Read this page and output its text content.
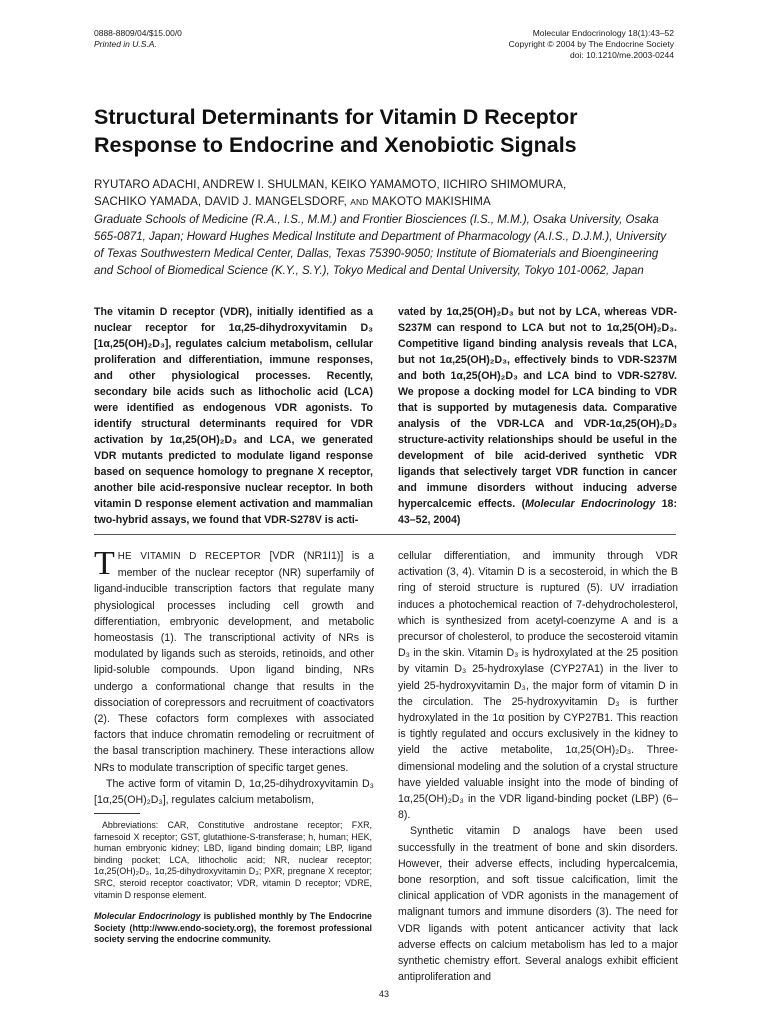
0888-8809/04/$15.00/0
Printed in U.S.A.
Molecular Endocrinology 18(1):43–52
Copyright © 2004 by The Endocrine Society
doi: 10.1210/me.2003-0244
Structural Determinants for Vitamin D Receptor Response to Endocrine and Xenobiotic Signals
RYUTARO ADACHI, ANDREW I. SHULMAN, KEIKO YAMAMOTO, IICHIRO SHIMOMURA,
SACHIKO YAMADA, DAVID J. MANGELSDORF, AND MAKOTO MAKISHIMA
Graduate Schools of Medicine (R.A., I.S., M.M.) and Frontier Biosciences (I.S., M.M.), Osaka University, Osaka 565-0871, Japan; Howard Hughes Medical Institute and Department of Pharmacology (A.I.S., D.J.M.), University of Texas Southwestern Medical Center, Dallas, Texas 75390-9050; Institute of Biomaterials and Bioengineering and School of Biomedical Science (K.Y., S.Y.), Tokyo Medical and Dental University, Tokyo 101-0062, Japan
The vitamin D receptor (VDR), initially identified as a nuclear receptor for 1α,25-dihydroxyvitamin D₃ [1α,25(OH)₂D₃], regulates calcium metabolism, cellular proliferation and differentiation, immune responses, and other physiological processes. Recently, secondary bile acids such as lithocholic acid (LCA) were identified as endogenous VDR agonists. To identify structural determinants required for VDR activation by 1α,25(OH)₂D₃ and LCA, we generated VDR mutants predicted to modulate ligand response based on sequence homology to pregnane X receptor, another bile acid-responsive nuclear receptor. In both vitamin D response element activation and mammalian two-hybrid assays, we found that VDR-S278V is acti-
vated by 1α,25(OH)₂D₃ but not by LCA, whereas VDR-S237M can respond to LCA but not to 1α,25(OH)₂D₃. Competitive ligand binding analysis reveals that LCA, but not 1α,25(OH)₂D₃, effectively binds to VDR-S237M and both 1α,25(OH)₂D₃ and LCA bind to VDR-S278V. We propose a docking model for LCA binding to VDR that is supported by mutagenesis data. Comparative analysis of the VDR-LCA and VDR-1α,25(OH)₂D₃ structure-activity relationships should be useful in the development of bile acid-derived synthetic VDR ligands that selectively target VDR function in cancer and immune disorders without inducing adverse hypercalcemic effects. (Molecular Endocrinology 18: 43–52, 2004)

THE VITAMIN D RECEPTOR [VDR (NR1I1)] is a member of the nuclear receptor (NR) superfamily of ligand-inducible transcription factors that regulate many physiological processes including cell growth and differentiation, embryonic development, and metabolic homeostasis (1). The transcriptional activity of NRs is modulated by ligands such as steroids, retinoids, and other lipid-soluble compounds. Upon ligand binding, NRs undergo a conformational change that results in the dissociation of corepressors and recruitment of coactivators (2). These cofactors form complexes with associated factors that induce chromatin remodeling or recruitment of the basal transcription machinery. These interactions allow NRs to modulate transcription of specific target genes.

The active form of vitamin D, 1α,25-dihydroxyvitamin D₃ [1α,25(OH)₂D₃], regulates calcium metabolism,

Abbreviations: CAR, Constitutive androstane receptor; FXR, farnesoid X receptor; GST, glutathione-S-transferase; h, human; HEK, human embryonic kidney; LBD, ligand binding domain; LBP, ligand binding pocket; LCA, lithocholic acid; NR, nuclear receptor; 1α,25(OH)₂D₃, 1α,25-dihydroxyvitamin D₃; PXR, pregnane X receptor; SRC, steroid receptor coactivator; VDR, vitamin D receptor; VDRE, vitamin D response element.

Molecular Endocrinology is published monthly by The Endocrine Society (http://www.endo-society.org), the foremost professional society serving the endocrine community.

cellular differentiation, and immunity through VDR activation (3, 4). Vitamin D is a secosteroid, in which the B ring of steroid structure is ruptured (5). UV irradiation induces a photochemical reaction of 7-dehydrocholesterol, which is synthesized from acetyl-coenzyme A and is a precursor of cholesterol, to produce the secosteroid vitamin D₃ in the skin. Vitamin D₃ is hydroxylated at the 25 position by vitamin D₃ 25-hydroxylase (CYP27A1) in the liver to yield 25-hydroxyvitamin D₃, the major form of vitamin D in the circulation. The 25-hydroxyvitamin D₃ is further hydroxylated in the 1α position by CYP27B1. This reaction is tightly regulated and occurs exclusively in the kidney to yield the active metabolite, 1α,25(OH)₂D₃. Three-dimensional modeling and the solution of a crystal structure have yielded valuable insight into the mode of binding of 1α,25(OH)₂D₃ in the VDR ligand-binding pocket (LBP) (6–8).

Synthetic vitamin D analogs have been used successfully in the treatment of bone and skin disorders. However, their adverse effects, including hypercalcemia, bone resorption, and soft tissue calcification, limit the clinical application of VDR agonists in the management of malignant tumors and immune disorders (3). The need for VDR ligands with potent anticancer activity that lack adverse effects on calcium metabolism has led to a major synthetic chemistry effort. Several analogs exhibit efficient antiproliferation and

43
